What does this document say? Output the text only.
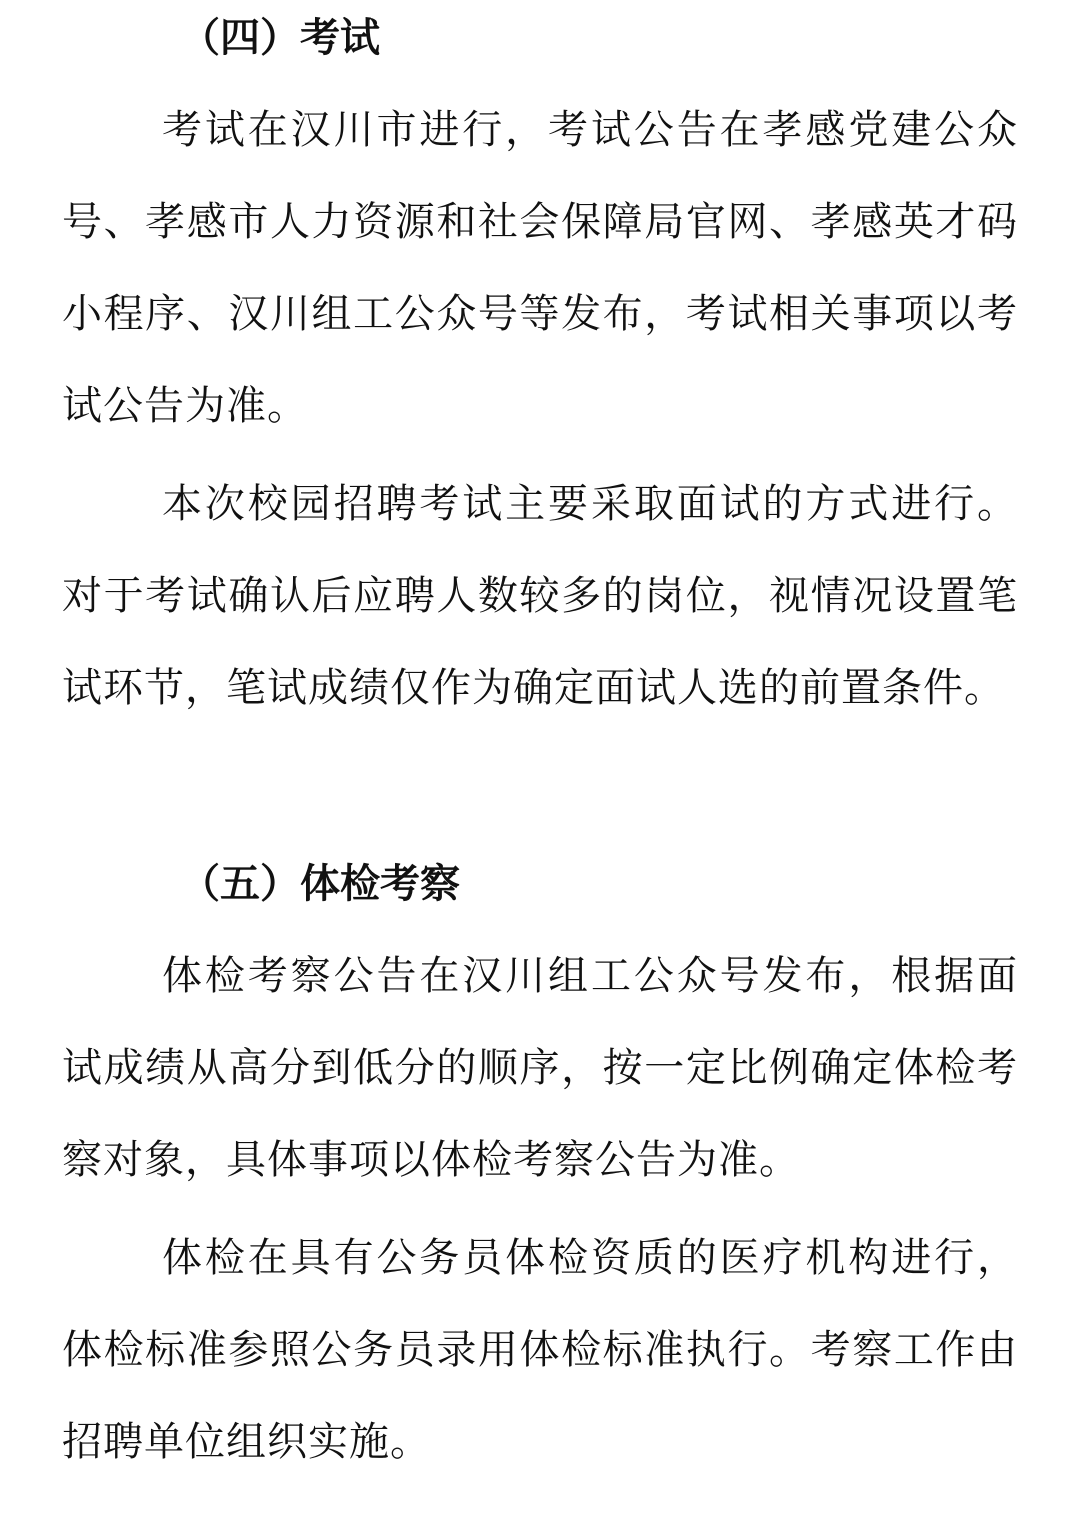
（四）考试
考试在汉川市进行，考试公告在孝感党建公众号、孝感市人力资源和社会保障局官网、孝感英才码小程序、汉川组工公众号等发布，考试相关事项以考试公告为准。
本次校园招聘考试主要采取面试的方式进行。对于考试确认后应聘人数较多的岗位，视情况设置笔试环节，笔试成绩仅作为确定面试人选的前置条件。
（五）体检考察
体检考察公告在汉川组工公众号发布，根据面试成绩从高分到低分的顺序，按一定比例确定体检考察对象，具体事项以体检考察公告为准。
体检在具有公务员体检资质的医疗机构进行，体检标准参照公务员录用体检标准执行。考察工作由招聘单位组织实施。
